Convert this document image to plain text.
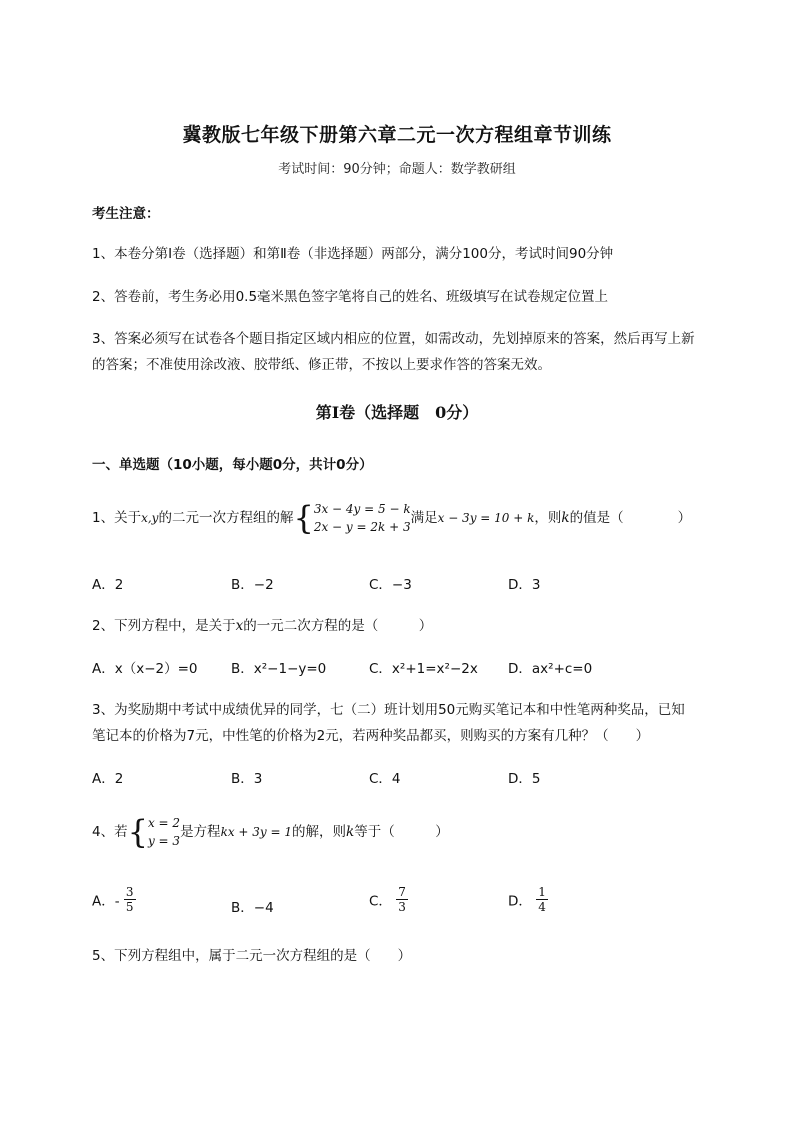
冀教版七年级下册第六章二元一次方程组章节训练
考试时间：90分钟；命题人：数学教研组
考生注意：
1、本卷分第I卷（选择题）和第Ⅱ卷（非选择题）两部分，满分100分，考试时间90分钟
2、答卷前，考生务必用0.5毫米黑色签字笔将自己的姓名、班级填写在试卷规定位置上
3、答案必须写在试卷各个题目指定区域内相应的位置，如需改动，先划掉原来的答案，然后再写上新
的答案；不准使用涂改液、胶带纸、修正带，不按以上要求作答的答案无效。
第I卷（选择题　0分）
一、单选题（10小题，每小题0分，共计0分）
1、关于x,y的二元一次方程组的解{ 3x − 4y = 5 − k
2x − y = 2k + 3
满足x − 3y = 10 + k，则k的值是（　　　　）
A．2	B．−2	C．−3	D．3
2、下列方程中，是关于x的一元二次方程的是（　　　）
A．x（x−2）=0 B．x²−1−y=0	C．x²+1=x²−2x D．ax²+c=0
3、为奖励期中考试中成绩优异的同学，七（二）班计划用50元购买笔记本和中性笔两种奖品，已知
笔记本的价格为7元，中性笔的价格为2元，若两种奖品都买，则购买的方案有几种？（　　）
A．2	B．3	C．4	D．5
4、若{ x = 2
y = 3
是方程kx + 3y = 1的解，则k等于（　　　）
A．- $\frac{3}{5}$	B．−4	C． $\frac{7}{3}$	D． $\frac{1}{4}$
5、下列方程组中，属于二元一次方程组的是（　　）
